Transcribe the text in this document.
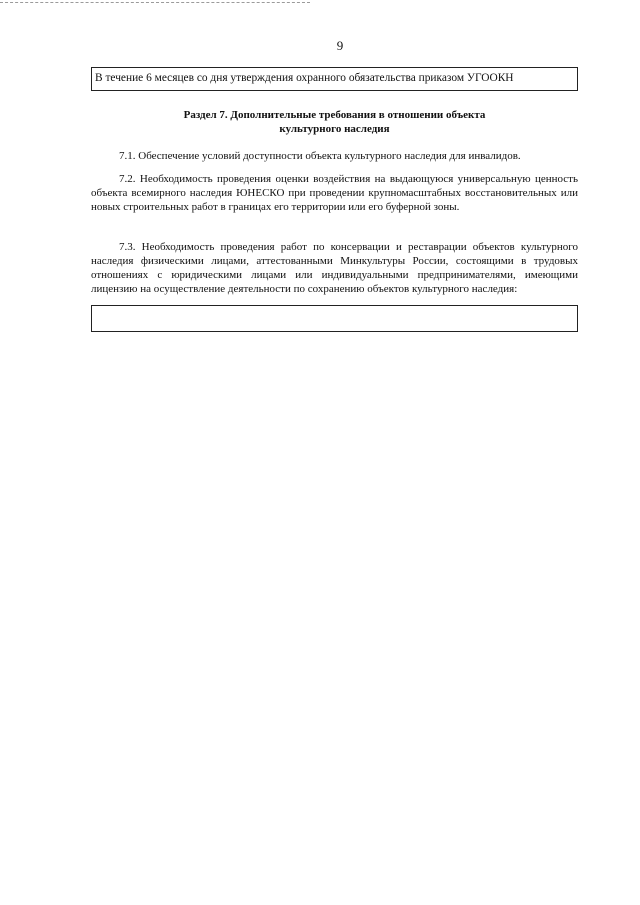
9
В течение 6 месяцев со дня утверждения охранного обязательства приказом УГООКН
Раздел 7. Дополнительные требования в отношении объекта
культурного наследия
7.1. Обеспечение условий доступности объекта культурного наследия для инвалидов.
7.2. Необходимость проведения оценки воздействия на выдающуюся универсальную ценность объекта всемирного наследия ЮНЕСКО при проведении крупномасштабных восстановительных или новых строительных работ в границах его территории или его буферной зоны.
7.3. Необходимость проведения работ по консервации и реставрации объектов культурного наследия физическими лицами, аттестованными Минкультуры России, состоящими в трудовых отношениях с юридическими лицами или индивидуальными предпринимателями, имеющими лицензию на осуществление деятельности по сохранению объектов культурного наследия:
